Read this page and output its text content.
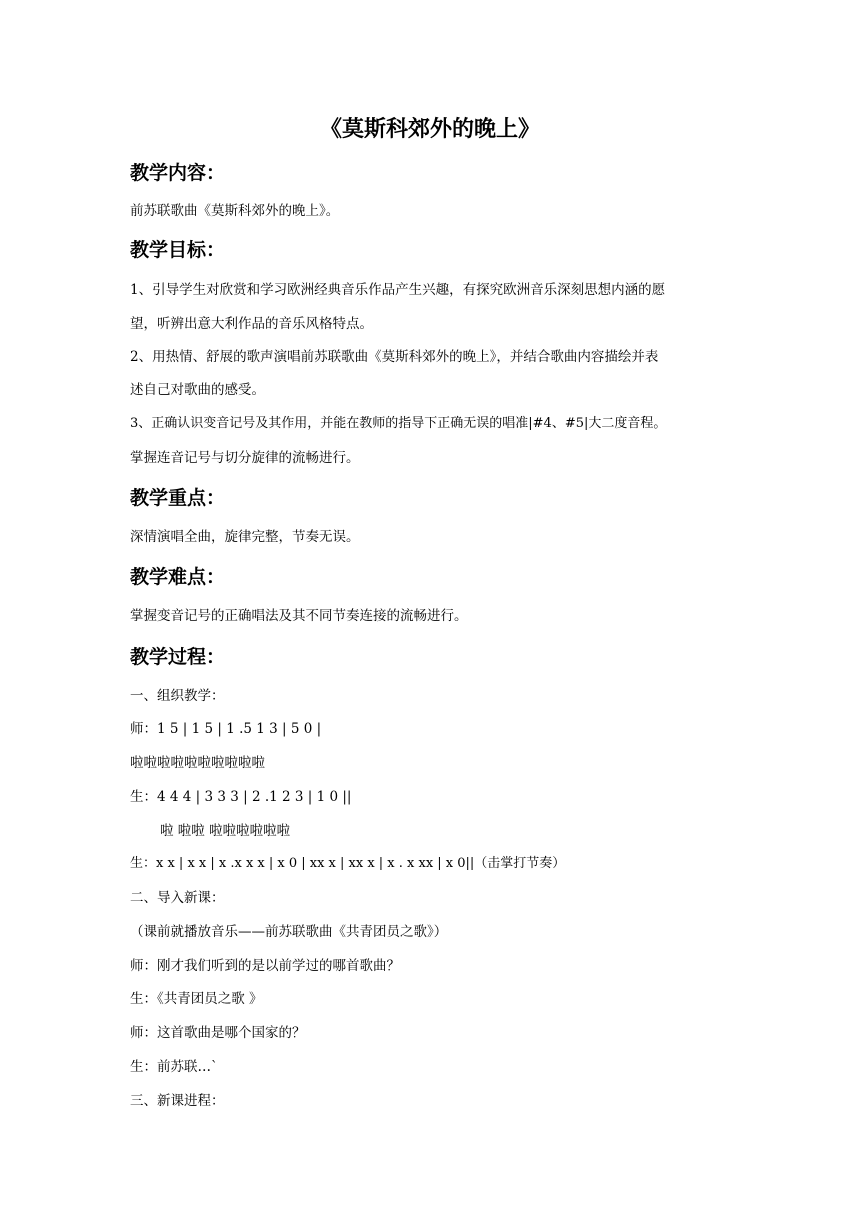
《莫斯科郊外的晚上》
教学内容：

前苏联歌曲《莫斯科郊外的晚上》。

教学目标：

1、引导学生对欣赏和学习欧洲经典音乐作品产生兴趣，有探究欧洲音乐深刻思想内涵的愿

望，听辨出意大利作品的音乐风格特点。

2、用热情、舒展的歌声演唱前苏联歌曲《莫斯科郊外的晚上》，并结合歌曲内容描绘并表

述自己对歌曲的感受。

3、正确认识变音记号及其作用，并能在教师的指导下正确无误的唱准|#4、#5|大二度音程。

掌握连音记号与切分旋律的流畅进行。

教学重点：

深情演唱全曲，旋律完整，节奏无误。

教学难点：

掌握变音记号的正确唱法及其不同节奏连接的流畅进行。

教学过程：

一、组织教学：

师：1 5 | 1 5 | 1 .5 1 3 | 5 0 |

啦啦啦啦啦啦啦啦啦啦

生：4 4 4 | 3 3 3 | 2 .1 2 3 | 1 0 ||

啦 啦啦 啦啦啦啦啦啦

生：x x | x x | x .x x x | x 0 | xx x | xx x | x . x xx | x 0||（击掌打节奏）

二、导入新课：

（课前就播放音乐——前苏联歌曲《共青团员之歌》）

师：刚才我们听到的是以前学过的哪首歌曲？

生：《共青团员之歌 》

师：这首歌曲是哪个国家的？

生：前苏联…`

三、新课进程：
